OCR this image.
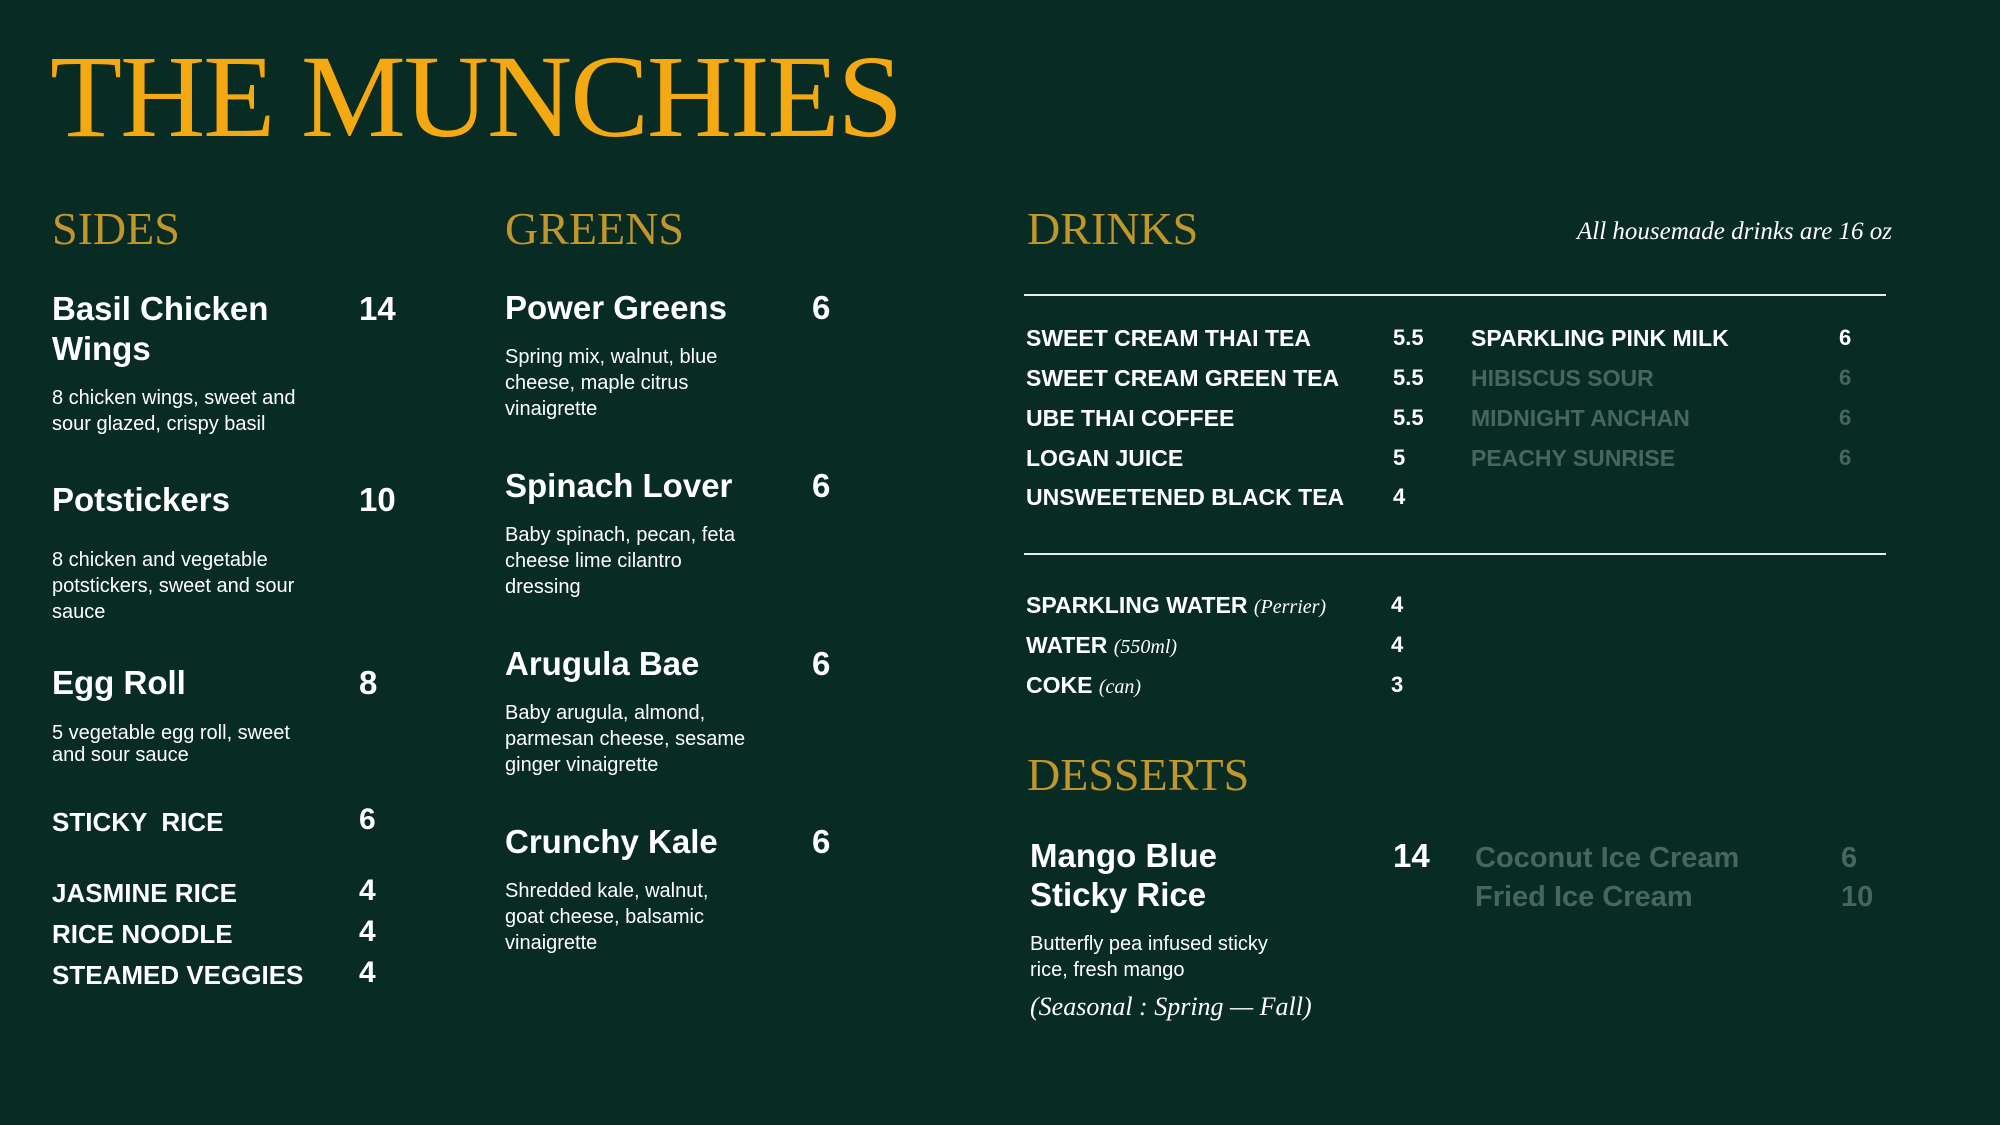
THE MUNCHIES
SIDES
Basil Chicken
Wings
14
8 chicken wings, sweet and
sour glazed, crispy basil
Potstickers	10
8 chicken and vegetable
potstickers, sweet and sour
sauce
Egg Roll	8
5 vegetable egg roll, sweet
and sour sauce
STICKY  RICE	6
JASMINE RICE	4
RICE NOODLE	4
STEAMED VEGGIES 4
GREENS
Power Greens	6
Spring mix, walnut, blue
cheese, maple citrus
vinaigrette
Spinach Lover 6
Baby spinach, pecan, feta
cheese lime cilantro
dressing
Arugula Bae	6
Baby arugula, almond,
parmesan cheese, sesame
ginger vinaigrette
Crunchy Kale	6
Shredded kale, walnut,
goat cheese, balsamic
vinaigrette
DRINKS	All housemade drinks are 16 oz
SWEET CREAM THAI TEA	5.5
SWEET CREAM GREEN TEA 5.5
UBE THAI COFFEE	5.5
LOGAN JUICE	5
UNSWEETENED BLACK TEA 4
SPARKLING PINK MILK	6
HIBISCUS SOUR	6
MIDNIGHT ANCHAN	6
PEACHY SUNRISE	6
SPARKLING WATER (Perrier)	4
WATER (550ml)	4
COKE (can)	3
DESSERTS
Mango Blue
Sticky Rice
14
Butterfly pea infused sticky
rice, fresh mango
(Seasonal : Spring — Fall)
Coconut Ice Cream	6
Fried Ice Cream	10
